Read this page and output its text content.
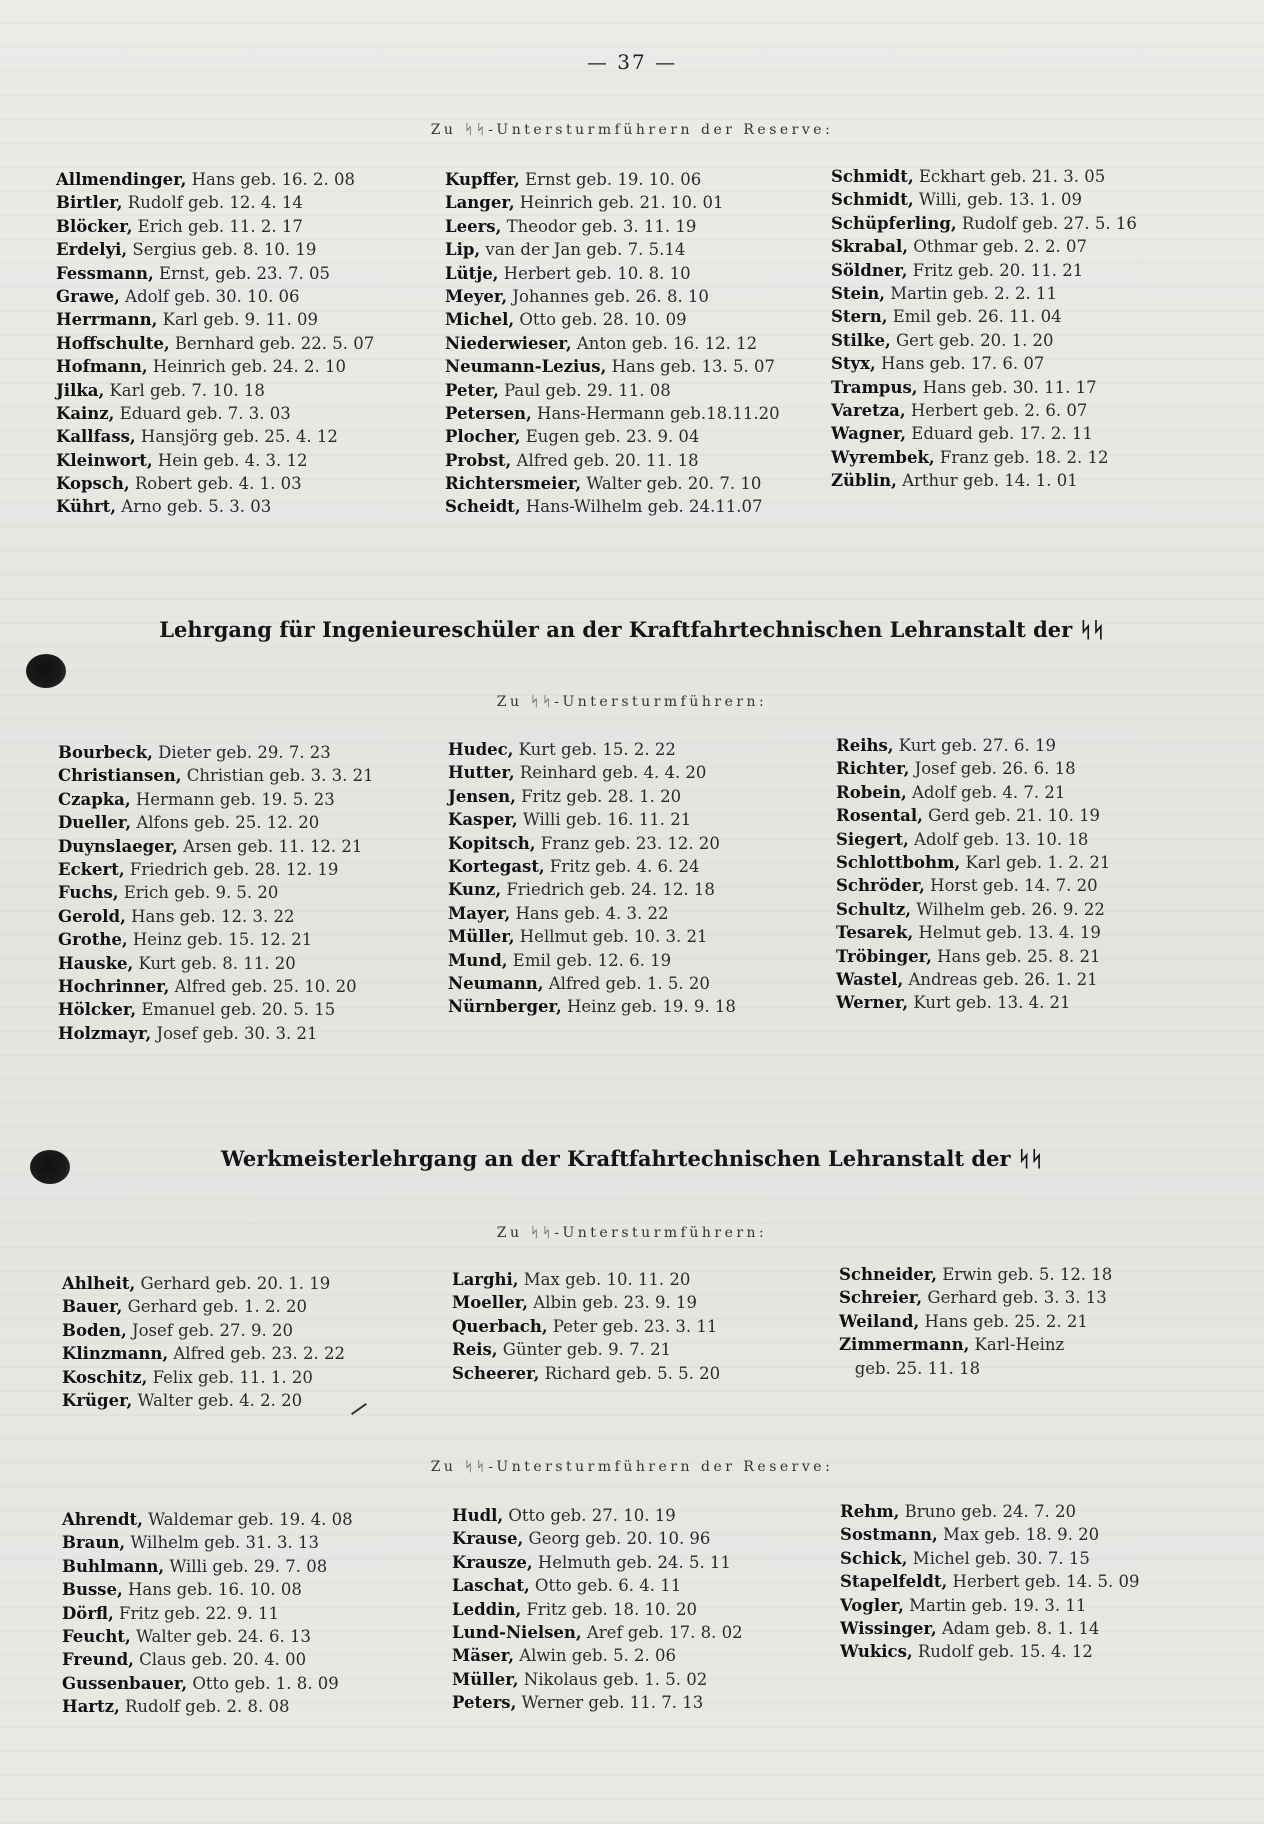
— 37 —
Zu ᛋᛋ-Untersturmführern der Reserve:
Allmendinger, Hans geb. 16. 2. 08
Birtler, Rudolf geb. 12. 4. 14
Blöcker, Erich geb. 11. 2. 17
Erdelyi, Sergius geb. 8. 10. 19
Fessmann, Ernst, geb. 23. 7. 05
Grawe, Adolf geb. 30. 10. 06
Herrmann, Karl geb. 9. 11. 09
Hoffschulte, Bernhard geb. 22. 5. 07
Hofmann, Heinrich geb. 24. 2. 10
Jilka, Karl geb. 7. 10. 18
Kainz, Eduard geb. 7. 3. 03
Kallfass, Hansjörg geb. 25. 4. 12
Kleinwort, Hein geb. 4. 3. 12
Kopsch, Robert geb. 4. 1. 03
Kührt, Arno geb. 5. 3. 03
Kupffer, Ernst geb. 19. 10. 06
Langer, Heinrich geb. 21. 10. 01
Leers, Theodor geb. 3. 11. 19
Lip, van der Jan geb. 7. 5.14
Lütje, Herbert geb. 10. 8. 10
Meyer, Johannes geb. 26. 8. 10
Michel, Otto geb. 28. 10. 09
Niederwieser, Anton geb. 16. 12. 12
Neumann-Lezius, Hans geb. 13. 5. 07
Peter, Paul geb. 29. 11. 08
Petersen, Hans-Hermann geb.18.11.20
Plocher, Eugen geb. 23. 9. 04
Probst, Alfred geb. 20. 11. 18
Richtersmeier, Walter geb. 20. 7. 10
Scheidt, Hans-Wilhelm geb. 24.11.07
Schmidt, Eckhart geb. 21. 3. 05
Schmidt, Willi, geb. 13. 1. 09
Schüpferling, Rudolf geb. 27. 5. 16
Skrabal, Othmar geb. 2. 2. 07
Söldner, Fritz geb. 20. 11. 21
Stein, Martin geb. 2. 2. 11
Stern, Emil geb. 26. 11. 04
Stilke, Gert geb. 20. 1. 20
Styx, Hans geb. 17. 6. 07
Trampus, Hans geb. 30. 11. 17
Varetza, Herbert geb. 2. 6. 07
Wagner, Eduard geb. 17. 2. 11
Wyrembek, Franz geb. 18. 2. 12
Züblin, Arthur geb. 14. 1. 01
Lehrgang für Ingenieureschüler an der Kraftfahrtechnischen Lehranstalt der ᛋᛋ
Zu ᛋᛋ-Untersturmführern:
Bourbeck, Dieter geb. 29. 7. 23
Christiansen, Christian geb. 3. 3. 21
Czapka, Hermann geb. 19. 5. 23
Dueller, Alfons geb. 25. 12. 20
Duynslaeger, Arsen geb. 11. 12. 21
Eckert, Friedrich geb. 28. 12. 19
Fuchs, Erich geb. 9. 5. 20
Gerold, Hans geb. 12. 3. 22
Grothe, Heinz geb. 15. 12. 21
Hauske, Kurt geb. 8. 11. 20
Hochrinner, Alfred geb. 25. 10. 20
Hölcker, Emanuel geb. 20. 5. 15
Holzmayr, Josef geb. 30. 3. 21
Hudec, Kurt geb. 15. 2. 22
Hutter, Reinhard geb. 4. 4. 20
Jensen, Fritz geb. 28. 1. 20
Kasper, Willi geb. 16. 11. 21
Kopitsch, Franz geb. 23. 12. 20
Kortegast, Fritz geb. 4. 6. 24
Kunz, Friedrich geb. 24. 12. 18
Mayer, Hans geb. 4. 3. 22
Müller, Hellmut geb. 10. 3. 21
Mund, Emil geb. 12. 6. 19
Neumann, Alfred geb. 1. 5. 20
Nürnberger, Heinz geb. 19. 9. 18
Reihs, Kurt geb. 27. 6. 19
Richter, Josef geb. 26. 6. 18
Robein, Adolf geb. 4. 7. 21
Rosental, Gerd geb. 21. 10. 19
Siegert, Adolf geb. 13. 10. 18
Schlottbohm, Karl geb. 1. 2. 21
Schröder, Horst geb. 14. 7. 20
Schultz, Wilhelm geb. 26. 9. 22
Tesarek, Helmut geb. 13. 4. 19
Tröbinger, Hans geb. 25. 8. 21
Wastel, Andreas geb. 26. 1. 21
Werner, Kurt geb. 13. 4. 21
Werkmeisterlehrgang an der Kraftfahrtechnischen Lehranstalt der ᛋᛋ
Zu ᛋᛋ-Untersturmführern:
Ahlheit, Gerhard geb. 20. 1. 19
Bauer, Gerhard geb. 1. 2. 20
Boden, Josef geb. 27. 9. 20
Klinzmann, Alfred geb. 23. 2. 22
Koschitz, Felix geb. 11. 1. 20
Krüger, Walter geb. 4. 2. 20
Larghi, Max geb. 10. 11. 20
Moeller, Albin geb. 23. 9. 19
Querbach, Peter geb. 23. 3. 11
Reis, Günter geb. 9. 7. 21
Scheerer, Richard geb. 5. 5. 20
Schneider, Erwin geb. 5. 12. 18
Schreier, Gerhard geb. 3. 3. 13
Weiland, Hans geb. 25. 2. 21
Zimmermann, Karl-Heinz
geb. 25. 11. 18
Zu ᛋᛋ-Untersturmführern der Reserve:
Ahrendt, Waldemar geb. 19. 4. 08
Braun, Wilhelm geb. 31. 3. 13
Buhlmann, Willi geb. 29. 7. 08
Busse, Hans geb. 16. 10. 08
Dörfl, Fritz geb. 22. 9. 11
Feucht, Walter geb. 24. 6. 13
Freund, Claus geb. 20. 4. 00
Gussenbauer, Otto geb. 1. 8. 09
Hartz, Rudolf geb. 2. 8. 08
Hudl, Otto geb. 27. 10. 19
Krause, Georg geb. 20. 10. 96
Krausze, Helmuth geb. 24. 5. 11
Laschat, Otto geb. 6. 4. 11
Leddin, Fritz geb. 18. 10. 20
Lund-Nielsen, Aref geb. 17. 8. 02
Mäser, Alwin geb. 5. 2. 06
Müller, Nikolaus geb. 1. 5. 02
Peters, Werner geb. 11. 7. 13
Rehm, Bruno geb. 24. 7. 20
Sostmann, Max geb. 18. 9. 20
Schick, Michel geb. 30. 7. 15
Stapelfeldt, Herbert geb. 14. 5. 09
Vogler, Martin geb. 19. 3. 11
Wissinger, Adam geb. 8. 1. 14
Wukics, Rudolf geb. 15. 4. 12
